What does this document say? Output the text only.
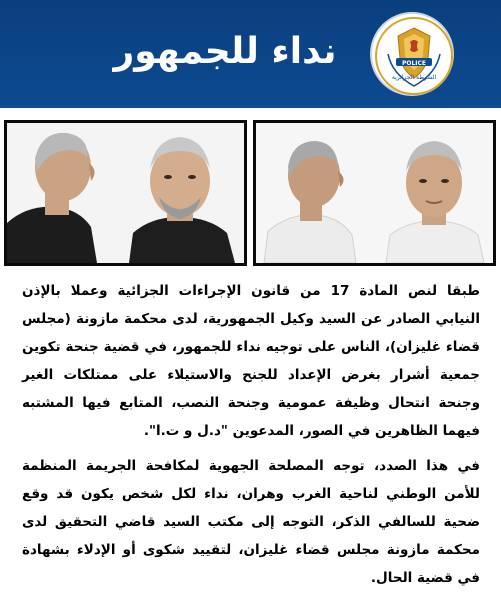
نداء للجمهور	POLICE
الشرطة الجزائرية

طبقا لنص المادة 17 من قانون الإجراءات الجزائية وعملا بالإذن النيابي الصادر عن السيد وكيل الجمهورية، لدى محكمة مازونة (مجلس قضاء غليزان)، الناس على توجيه نداء للجمهور، في قضية جنحة تكوين جمعية أشرار بغرض الإعداد للجنح والاستيلاء على ممتلكات الغير وجنحة انتحال وظيفة عمومية وجنحة النصب، المتابع فيها المشتبه فيهما الظاهرين في الصور، المدعوين "د.ل و ت.ا".

في هذا الصدد، توجه المصلحة الجهوية لمكافحة الجريمة المنظمة للأمن الوطني لناحية الغرب وهران، نداء لكل شخص يكون قد وقع ضحية للسالفي الذكر، التوجه إلى مكتب السيد قاضي التحقيق لدى محكمة مازونة مجلس قضاء غليزان، لتقييد شكوى أو الإدلاء بشهادة في قضية الحال.
